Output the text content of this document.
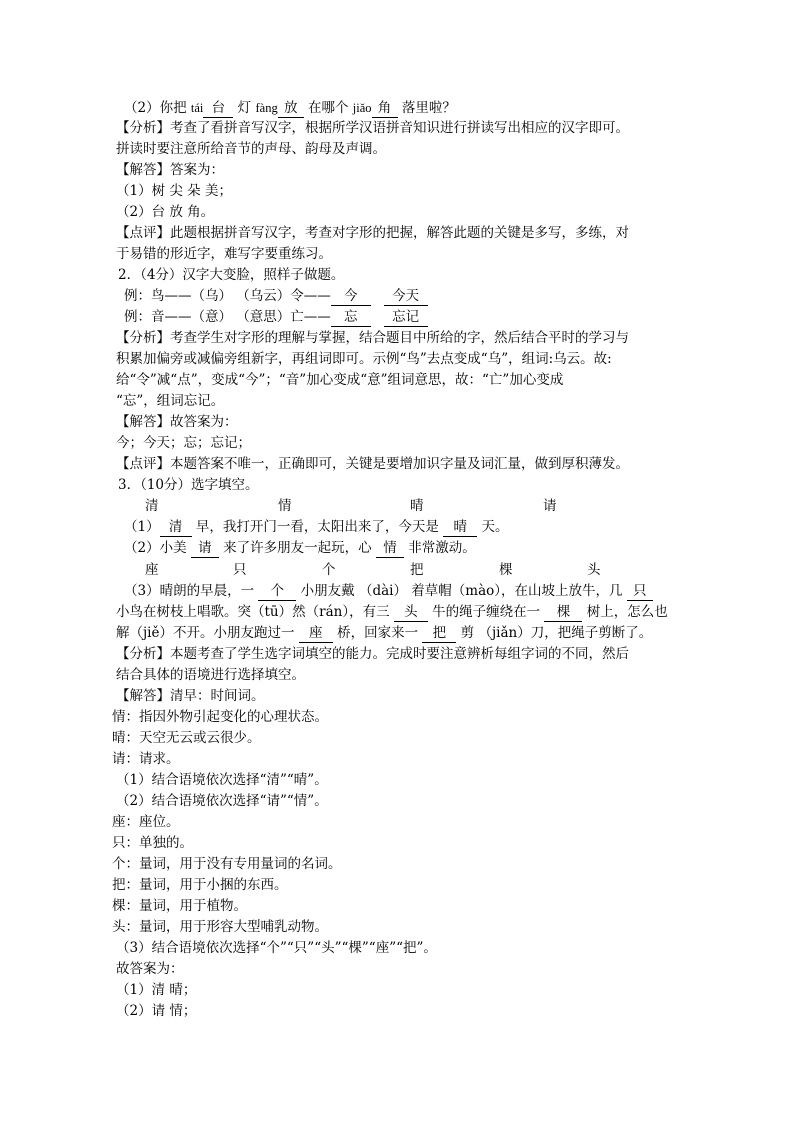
（2）你把 tái 台 灯 fàng 放 在哪个 jiǎo 角 落里啦？
【分析】考查了看拼音写汉字，根据所学汉语拼音知识进行拼读写出相应的汉字即可。
拼读时要注意所给音节的声母、韵母及声调。
【解答】答案为：
（1）树 尖 朵 美；
（2）台 放 角。
【点评】此题根据拼音写汉字，考查对字形的把握，解答此题的关键是多写，多练，对
于易错的形近字，难写字要重练习。
2．（4分）汉字大变脸，照样子做题。
例：鸟——（乌） （乌云）令—— 今	今天
例：音——（意） （意思）亡—— 忘	忘记
【分析】考查学生对字形的理解与掌握，结合题目中所给的字，然后结合平时的学习与
积累加偏旁或减偏旁组新字，再组词即可。示例“鸟”去点变成“乌”，组词:乌云。故:
给“令”减“点”，变成“今”；“音”加心变成“意”组词意思，故：“亡”加心变成
“忘”，组词忘记。
【解答】故答案为：
今；今天；忘；忘记；
【点评】本题答案不唯一，正确即可，关键是要增加识字量及词汇量，做到厚积薄发。
3．（10分）选字填空。
清	情	晴	请
（1） 清 早，我打开门一看，太阳出来了，今天是 晴 天。
（2）小美 请 来了许多朋友一起玩，心 情 非常激动。
座	只	个	把	棵	头
（3）晴朗的早晨，一 个 小朋友戴 （dài） 着草帽（mào），在山坡上放牛，几 只
小鸟在树枝上唱歌。突（tū）然（rán），有三 头 牛的绳子缠绕在一 棵 树上，怎么也
解（jiě）不开。小朋友跑过一 座 桥，回家来一 把 剪 （jiǎn）刀，把绳子剪断了。
【分析】本题考查了学生选字词填空的能力。完成时要注意辨析每组字词的不同，然后
结合具体的语境进行选择填空。
【解答】清早：时间词。
情：指因外物引起变化的心理状态。
晴：天空无云或云很少。
请：请求。
（1）结合语境依次选择“清”“晴”。
（2）结合语境依次选择“请”“情”。
座：座位。
只：单独的。
个：量词，用于没有专用量词的名词。
把：量词，用于小捆的东西。
棵：量词，用于植物。
头：量词，用于形容大型哺乳动物。
（3）结合语境依次选择“个”“只”“头”“棵”“座”“把”。
故答案为：
（1）清 晴；
（2）请 情；
